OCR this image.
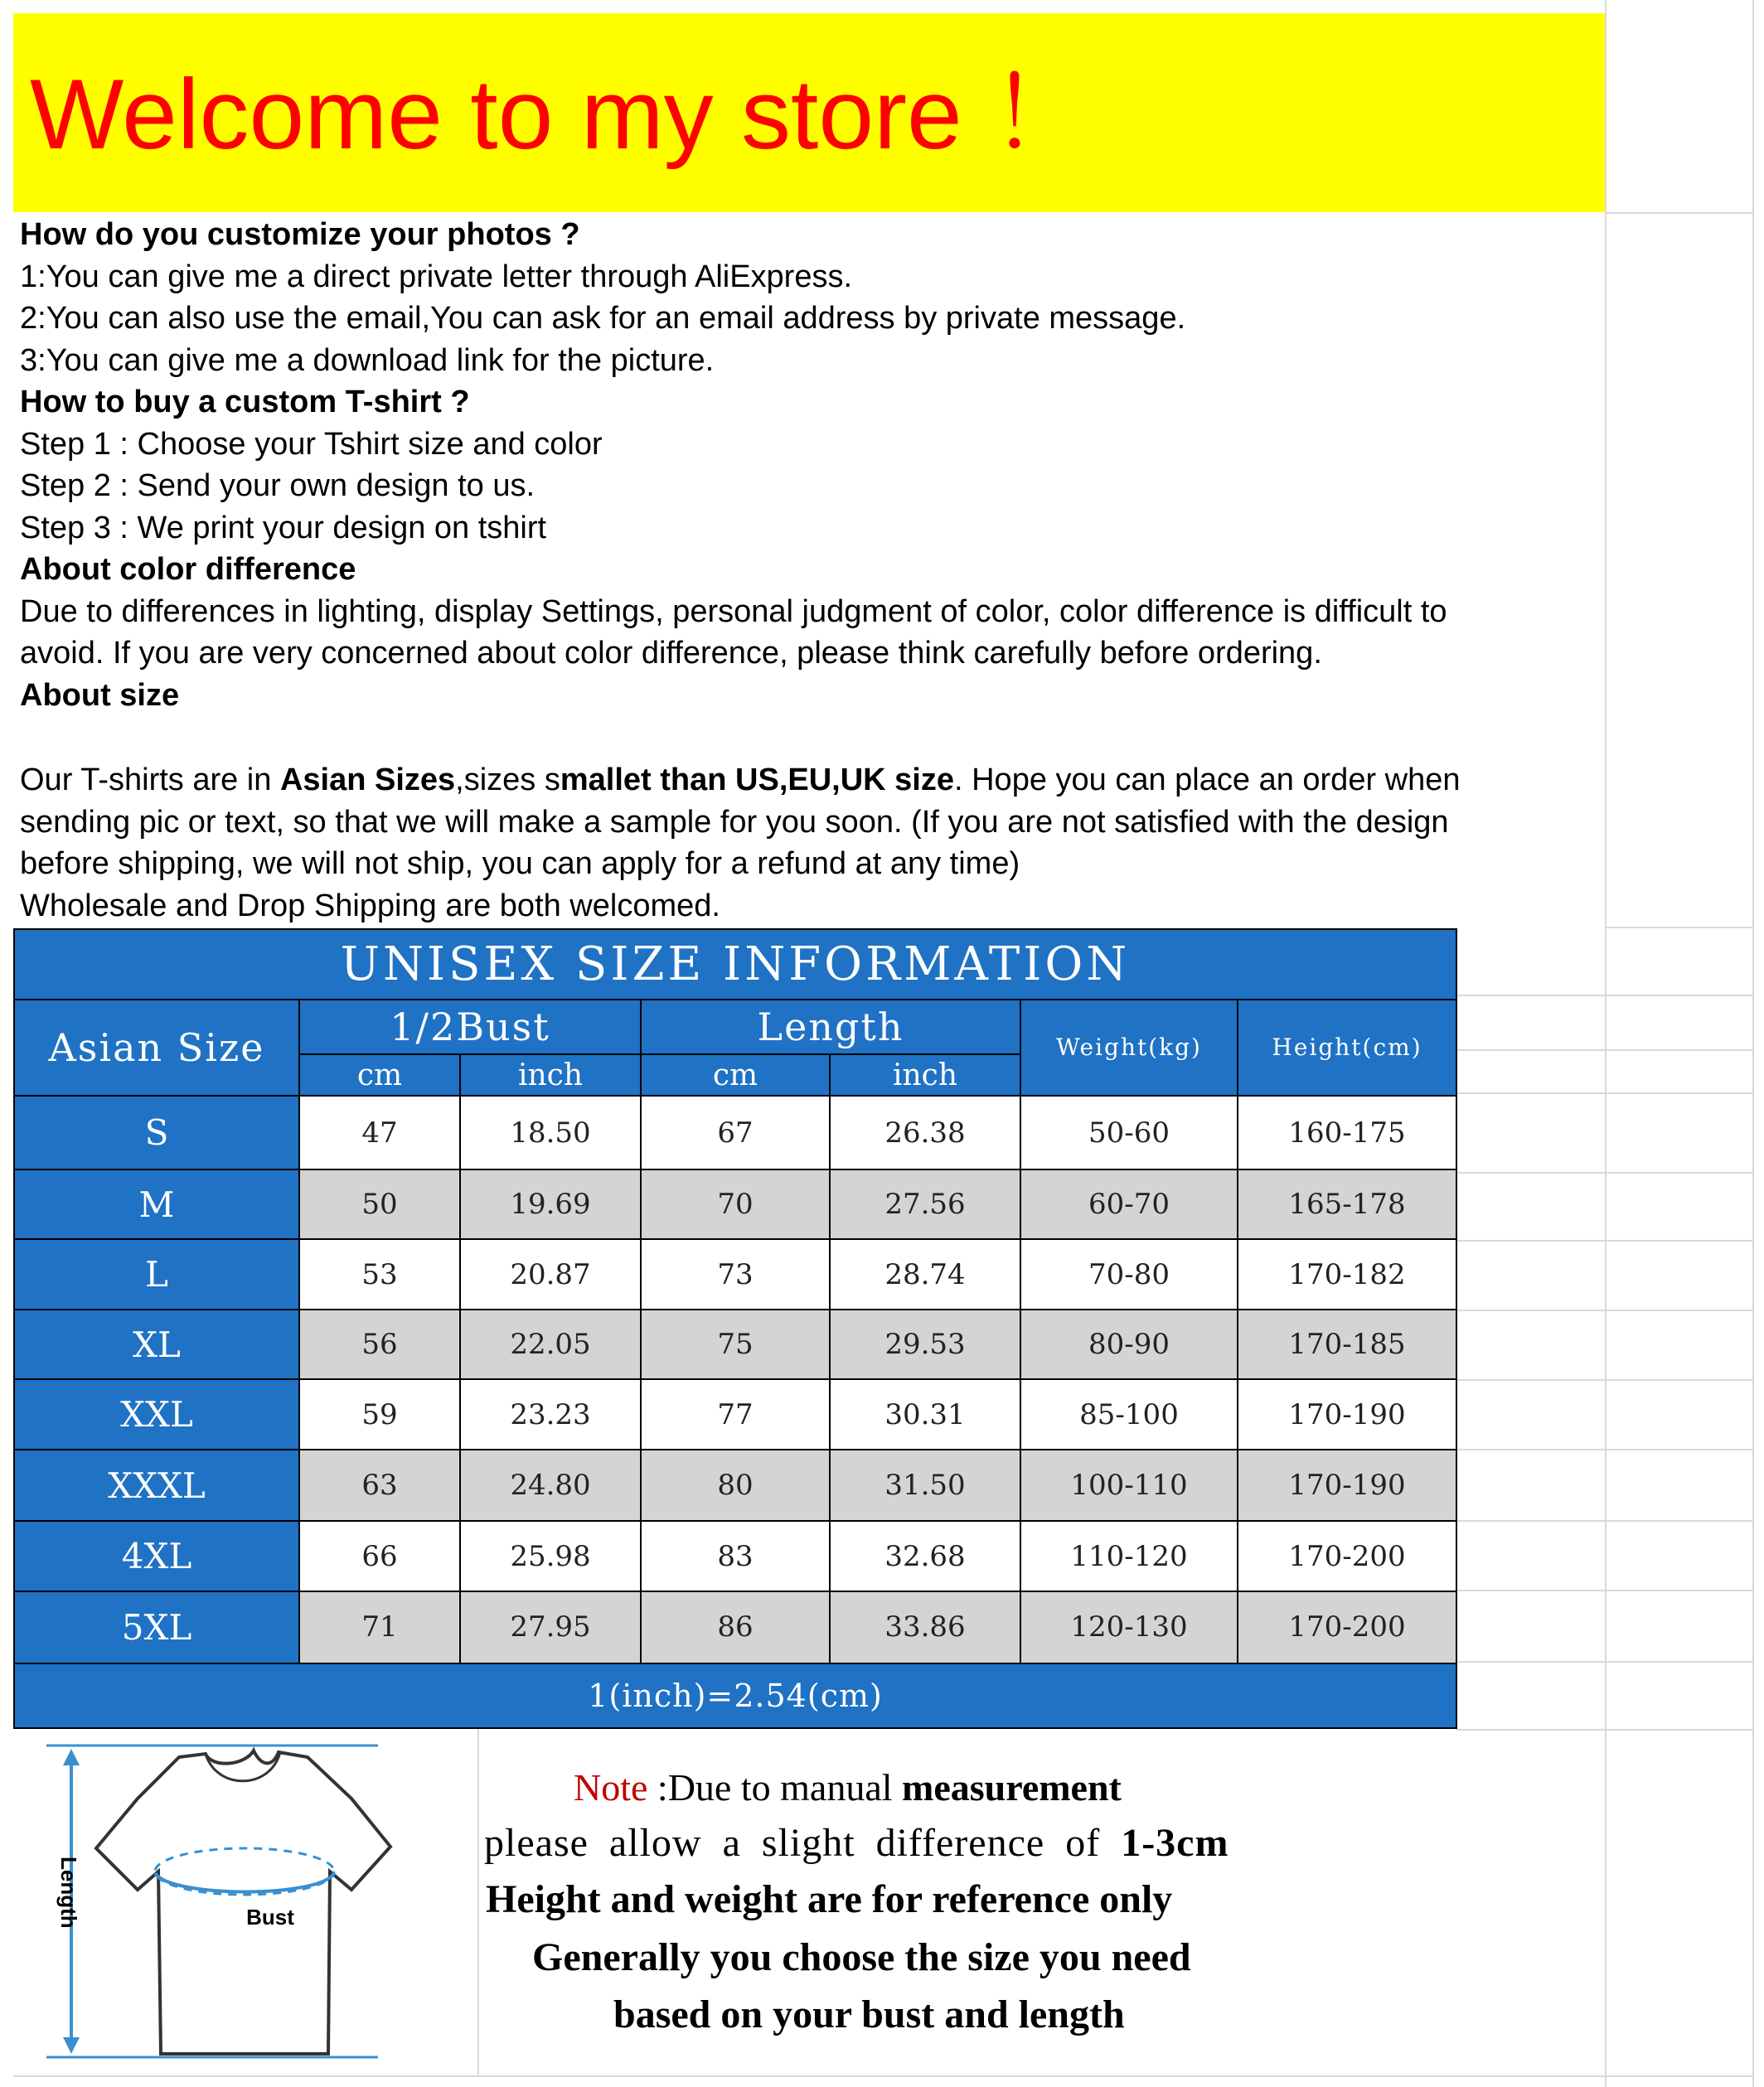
Welcome to my store ！
How do you customize your photos ?
1:You can give me a direct private letter through AliExpress.
2:You can also use the email,You can ask for an email address by private message.
3:You can give me a download link for the picture.
How to buy a custom T-shirt ?
Step 1 : Choose your Tshirt size and color
Step 2 : Send your own design to us.
Step 3 : We print your design on tshirt
About color difference
Due to differences in lighting, display Settings, personal judgment of color, color difference is difficult to
avoid. If you are very concerned about color difference, please think carefully before ordering.
About size
Our T-shirts are in Asian Sizes,sizes smallet than US,EU,UK size. Hope you can place an order when
sending pic or text, so that we will make a sample for you soon. (If you are not satisfied with the design
before shipping, we will not ship, you can apply for a refund at any time)
Wholesale and Drop Shipping are both welcomed.
UNISEX SIZE INFORMATION						
Asian Size	1/2Bust		Length		Weight(kg)	Height(cm)
	cm	inch	cm	inch		
S	47	18.50	67	26.38	50-60	160-175
M	50	19.69	70	27.56	60-70	165-178
L	53	20.87	73	28.74	70-80	170-182
XL	56	22.05	75	29.53	80-90	170-185
XXL	59	23.23	77	30.31	85-100	170-190
XXXL	63	24.80	80	31.50	100-110	170-190
4XL	66	25.98	83	32.68	110-120	170-200
5XL	71	27.95	86	33.86	120-130	170-200
1(inch)=2.54(cm)						
Length	Bust
Note :Due to manual measurement
please allow a slight difference of 1-3cm
Height and weight are for reference only
Generally you choose the size you need
based on your bust and length
